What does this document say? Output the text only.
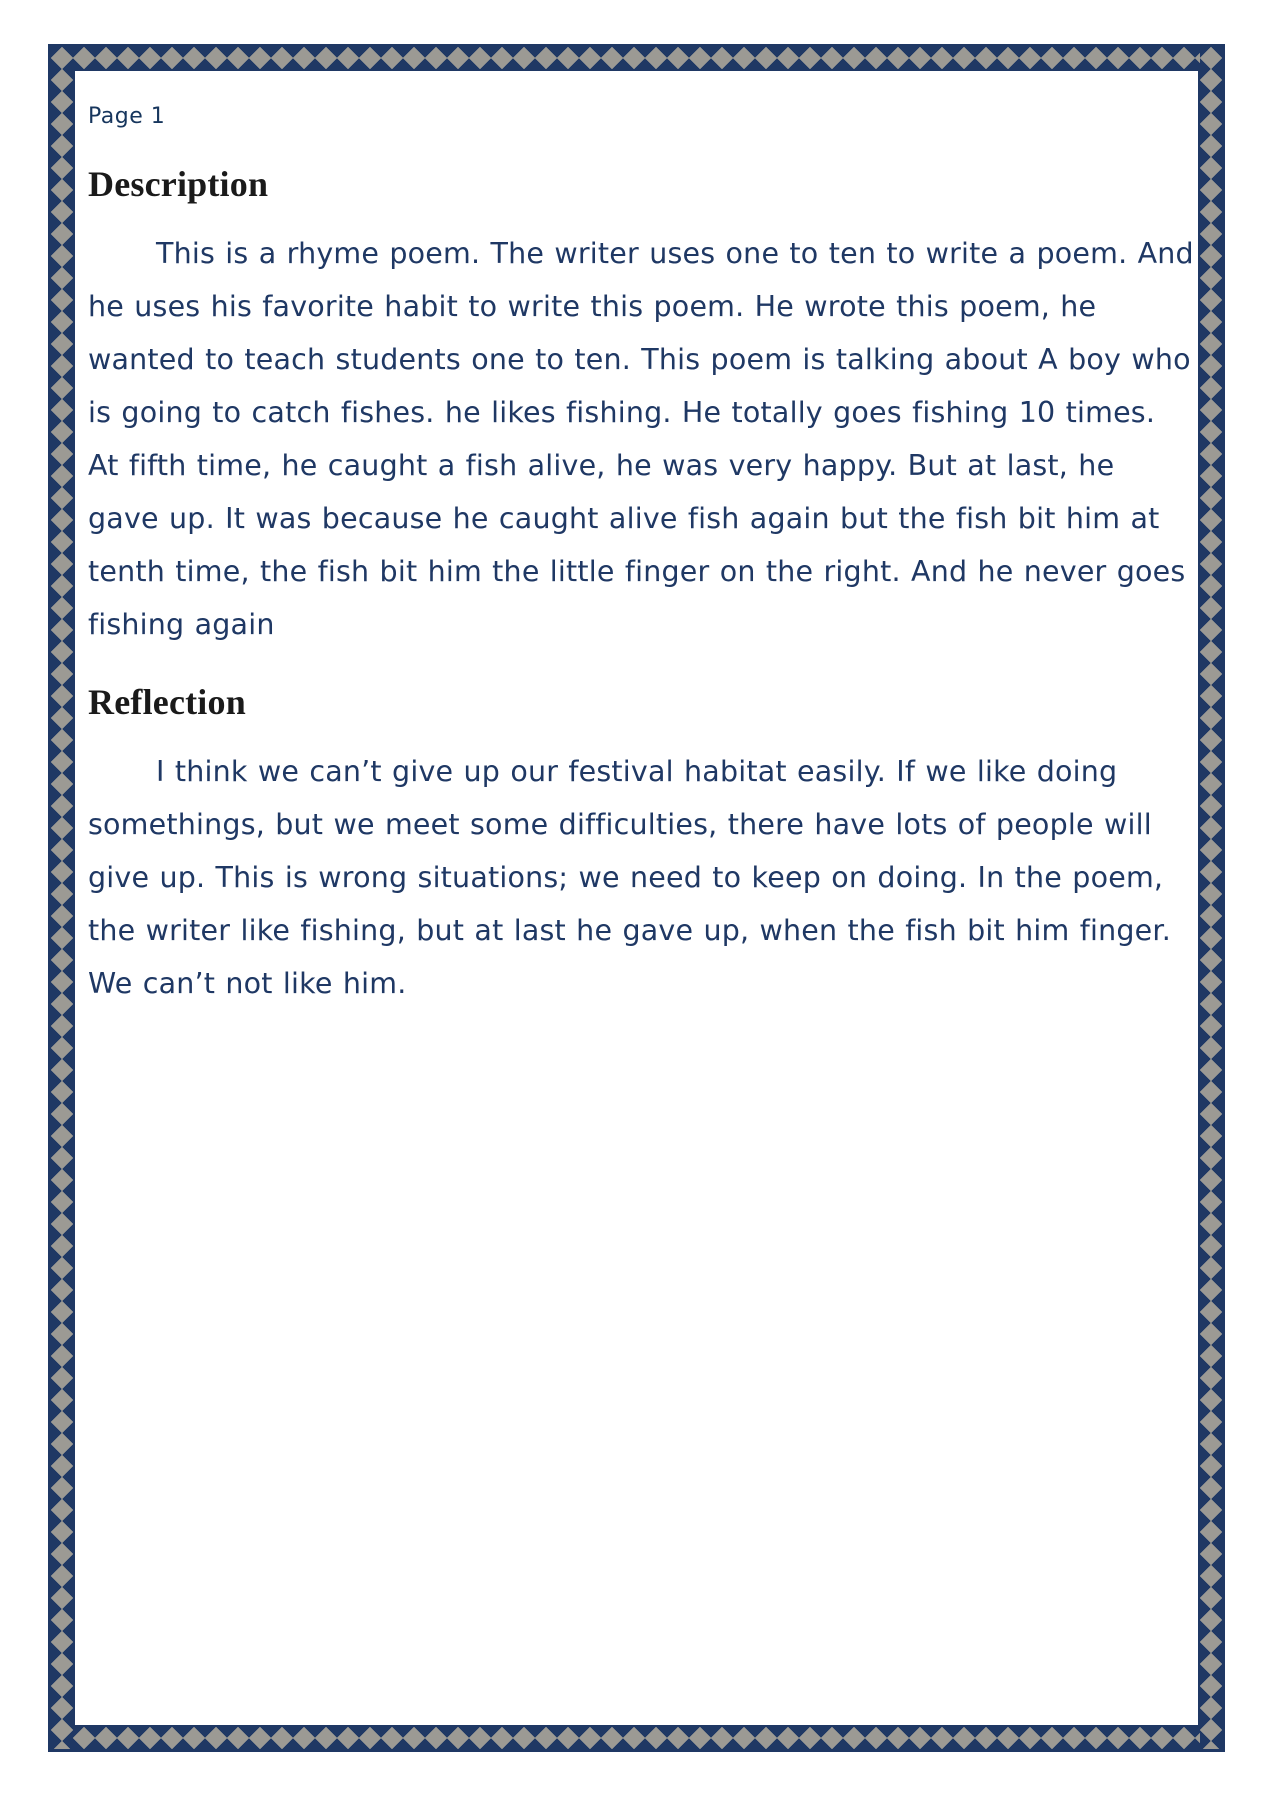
Page 1
Description

This is a rhyme poem. The writer uses one to ten to write a poem. And he uses his favorite habit to write this poem. He wrote this poem, he wanted to teach students one to ten. This poem is talking about A boy who is going to catch fishes. he likes fishing. He totally goes fishing 10 times. At fifth time, he caught a fish alive, he was very happy. But at last, he gave up. It was because he caught alive fish again but the fish bit him at tenth time, the fish bit him the little finger on the right. And he never goes fishing again

Reflection

I think we can’t give up our festival habitat easily. If we like doing somethings, but we meet some difficulties, there have lots of people will give up. This is wrong situations; we need to keep on doing. In the poem, the writer like fishing, but at last he gave up, when the fish bit him finger. We can’t not like him.
